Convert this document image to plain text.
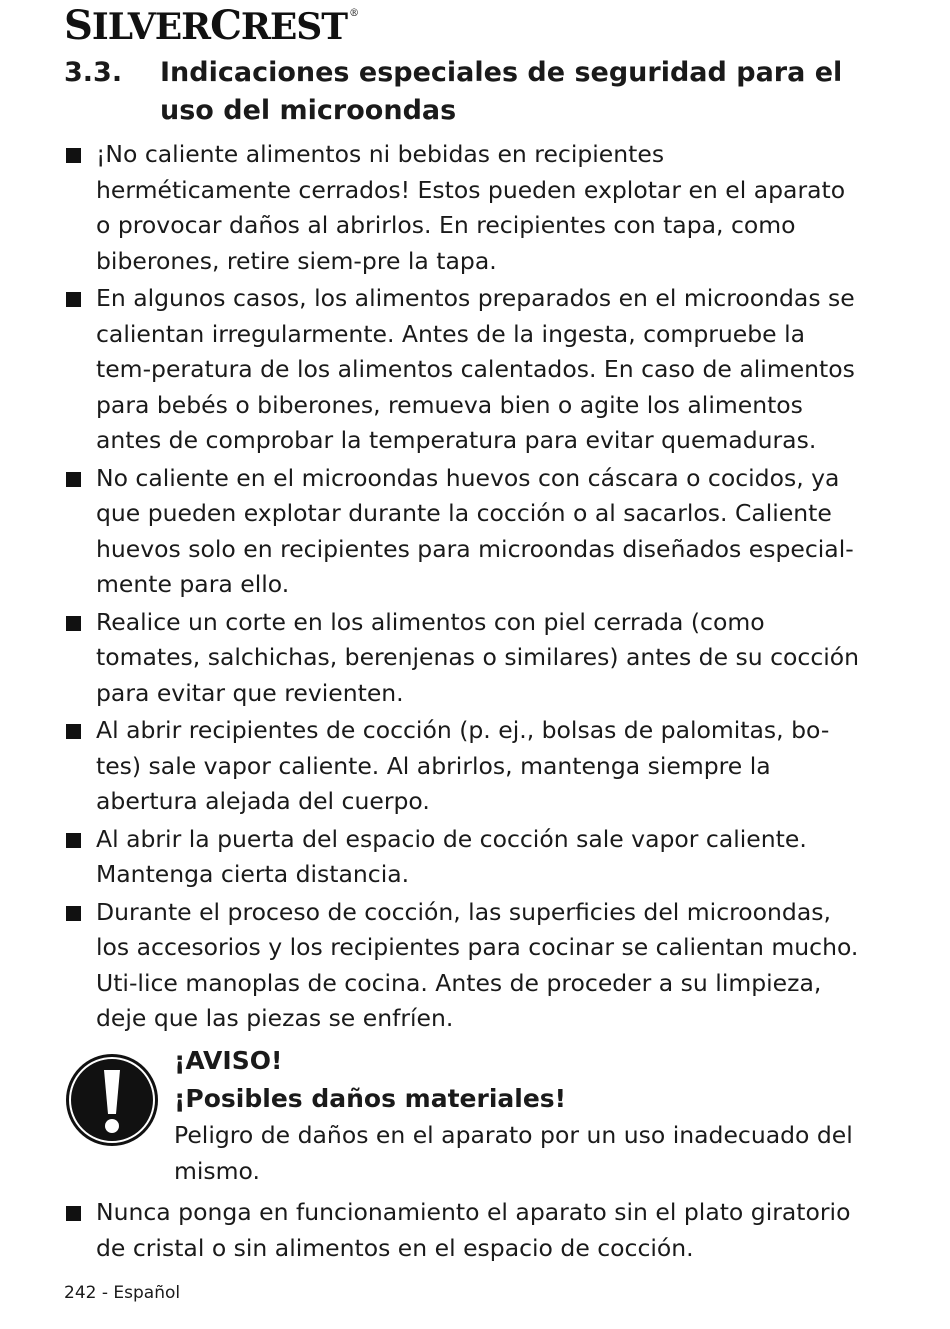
SILVERCREST ®
3.3. Indicaciones especiales de seguridad para el uso del microondas
¡No caliente alimentos ni bebidas en recipientes herméticamente cerrados! Estos pueden explotar en el aparato o provocar daños al abrirlos. En recipientes con tapa, como biberones, retire siem-pre la tapa.
En algunos casos, los alimentos preparados en el microondas se calientan irregularmente. Antes de la ingesta, compruebe la tem-peratura de los alimentos calentados. En caso de alimentos para bebés o biberones, remueva bien o agite los alimentos antes de comprobar la temperatura para evitar quemaduras.
No caliente en el microondas huevos con cáscara o cocidos, ya que pueden explotar durante la cocción o al sacarlos. Caliente huevos solo en recipientes para microondas diseñados especial-mente para ello.
Realice un corte en los alimentos con piel cerrada (como tomates, salchichas, berenjenas o similares) antes de su cocción para evitar que revienten.
Al abrir recipientes de cocción (p. ej., bolsas de palomitas, bo-tes) sale vapor caliente. Al abrirlos, mantenga siempre la abertura alejada del cuerpo.
Al abrir la puerta del espacio de cocción sale vapor caliente. Mantenga cierta distancia.
Durante el proceso de cocción, las superficies del microondas, los accesorios y los recipientes para cocinar se calientan mucho. Uti-lice manoplas de cocina. Antes de proceder a su limpieza, deje que las piezas se enfríen.
¡AVISO!
¡Posibles daños materiales!
Peligro de daños en el aparato por un uso inadecuado del mismo.
Nunca ponga en funcionamiento el aparato sin el plato giratorio de cristal o sin alimentos en el espacio de cocción.
242 - Español
